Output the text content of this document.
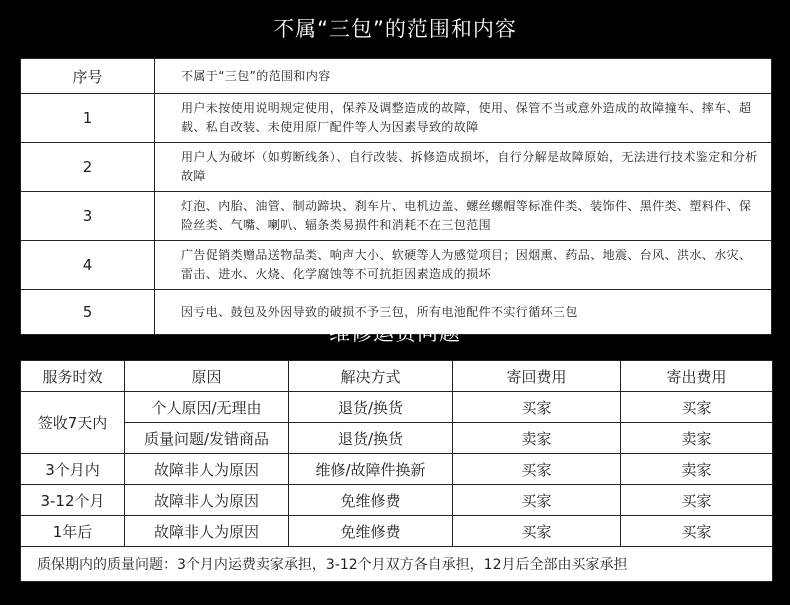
不属“三包”的范围和内容
序号	不属于“三包”的范围和内容
1	用户未按使用说明规定使用，保养及调整造成的故障，使用、保管不当或意外造成的故障撞车、摔车、超载、私自改装、未使用原厂配件等人为因素导致的故障
2	用户人为破坏（如剪断线条）、自行改装、拆修造成损坏，自行分解是故障原始，无法进行技术鉴定和分析故障
3	灯泡、内胎、油管、制动蹄块、刹车片、电机边盖、螺丝螺帽等标准件类、装饰件、黑件类、塑料件、保险丝类、气嘴、喇叭、辐条类易损件和消耗不在三包范围
4	广告促销类赠品送物品类、响声大小、软硬等人为感觉项目；因烟熏、药品、地震、台风、洪水、水灾、雷击、进水、火烧、化学腐蚀等不可抗拒因素造成的损坏
5	因亏电、鼓包及外因导致的破损不予三包，所有电池配件不实行循环三包
维修运费问题
服务时效	原因	解决方式	寄回费用	寄出费用
签收7天内	个人原因/无理由	退货/换货	买家	买家
	质量问题/发错商品	退货/换货	卖家	卖家
3个月内	故障非人为原因	维修/故障件换新	买家	卖家
3-12个月	故障非人为原因	免维修费	买家	买家
1年后	故障非人为原因	免维修费	买家	买家
质保期内的质量问题：3个月内运费卖家承担，3-12个月双方各自承担，12月后全部由买家承担				
